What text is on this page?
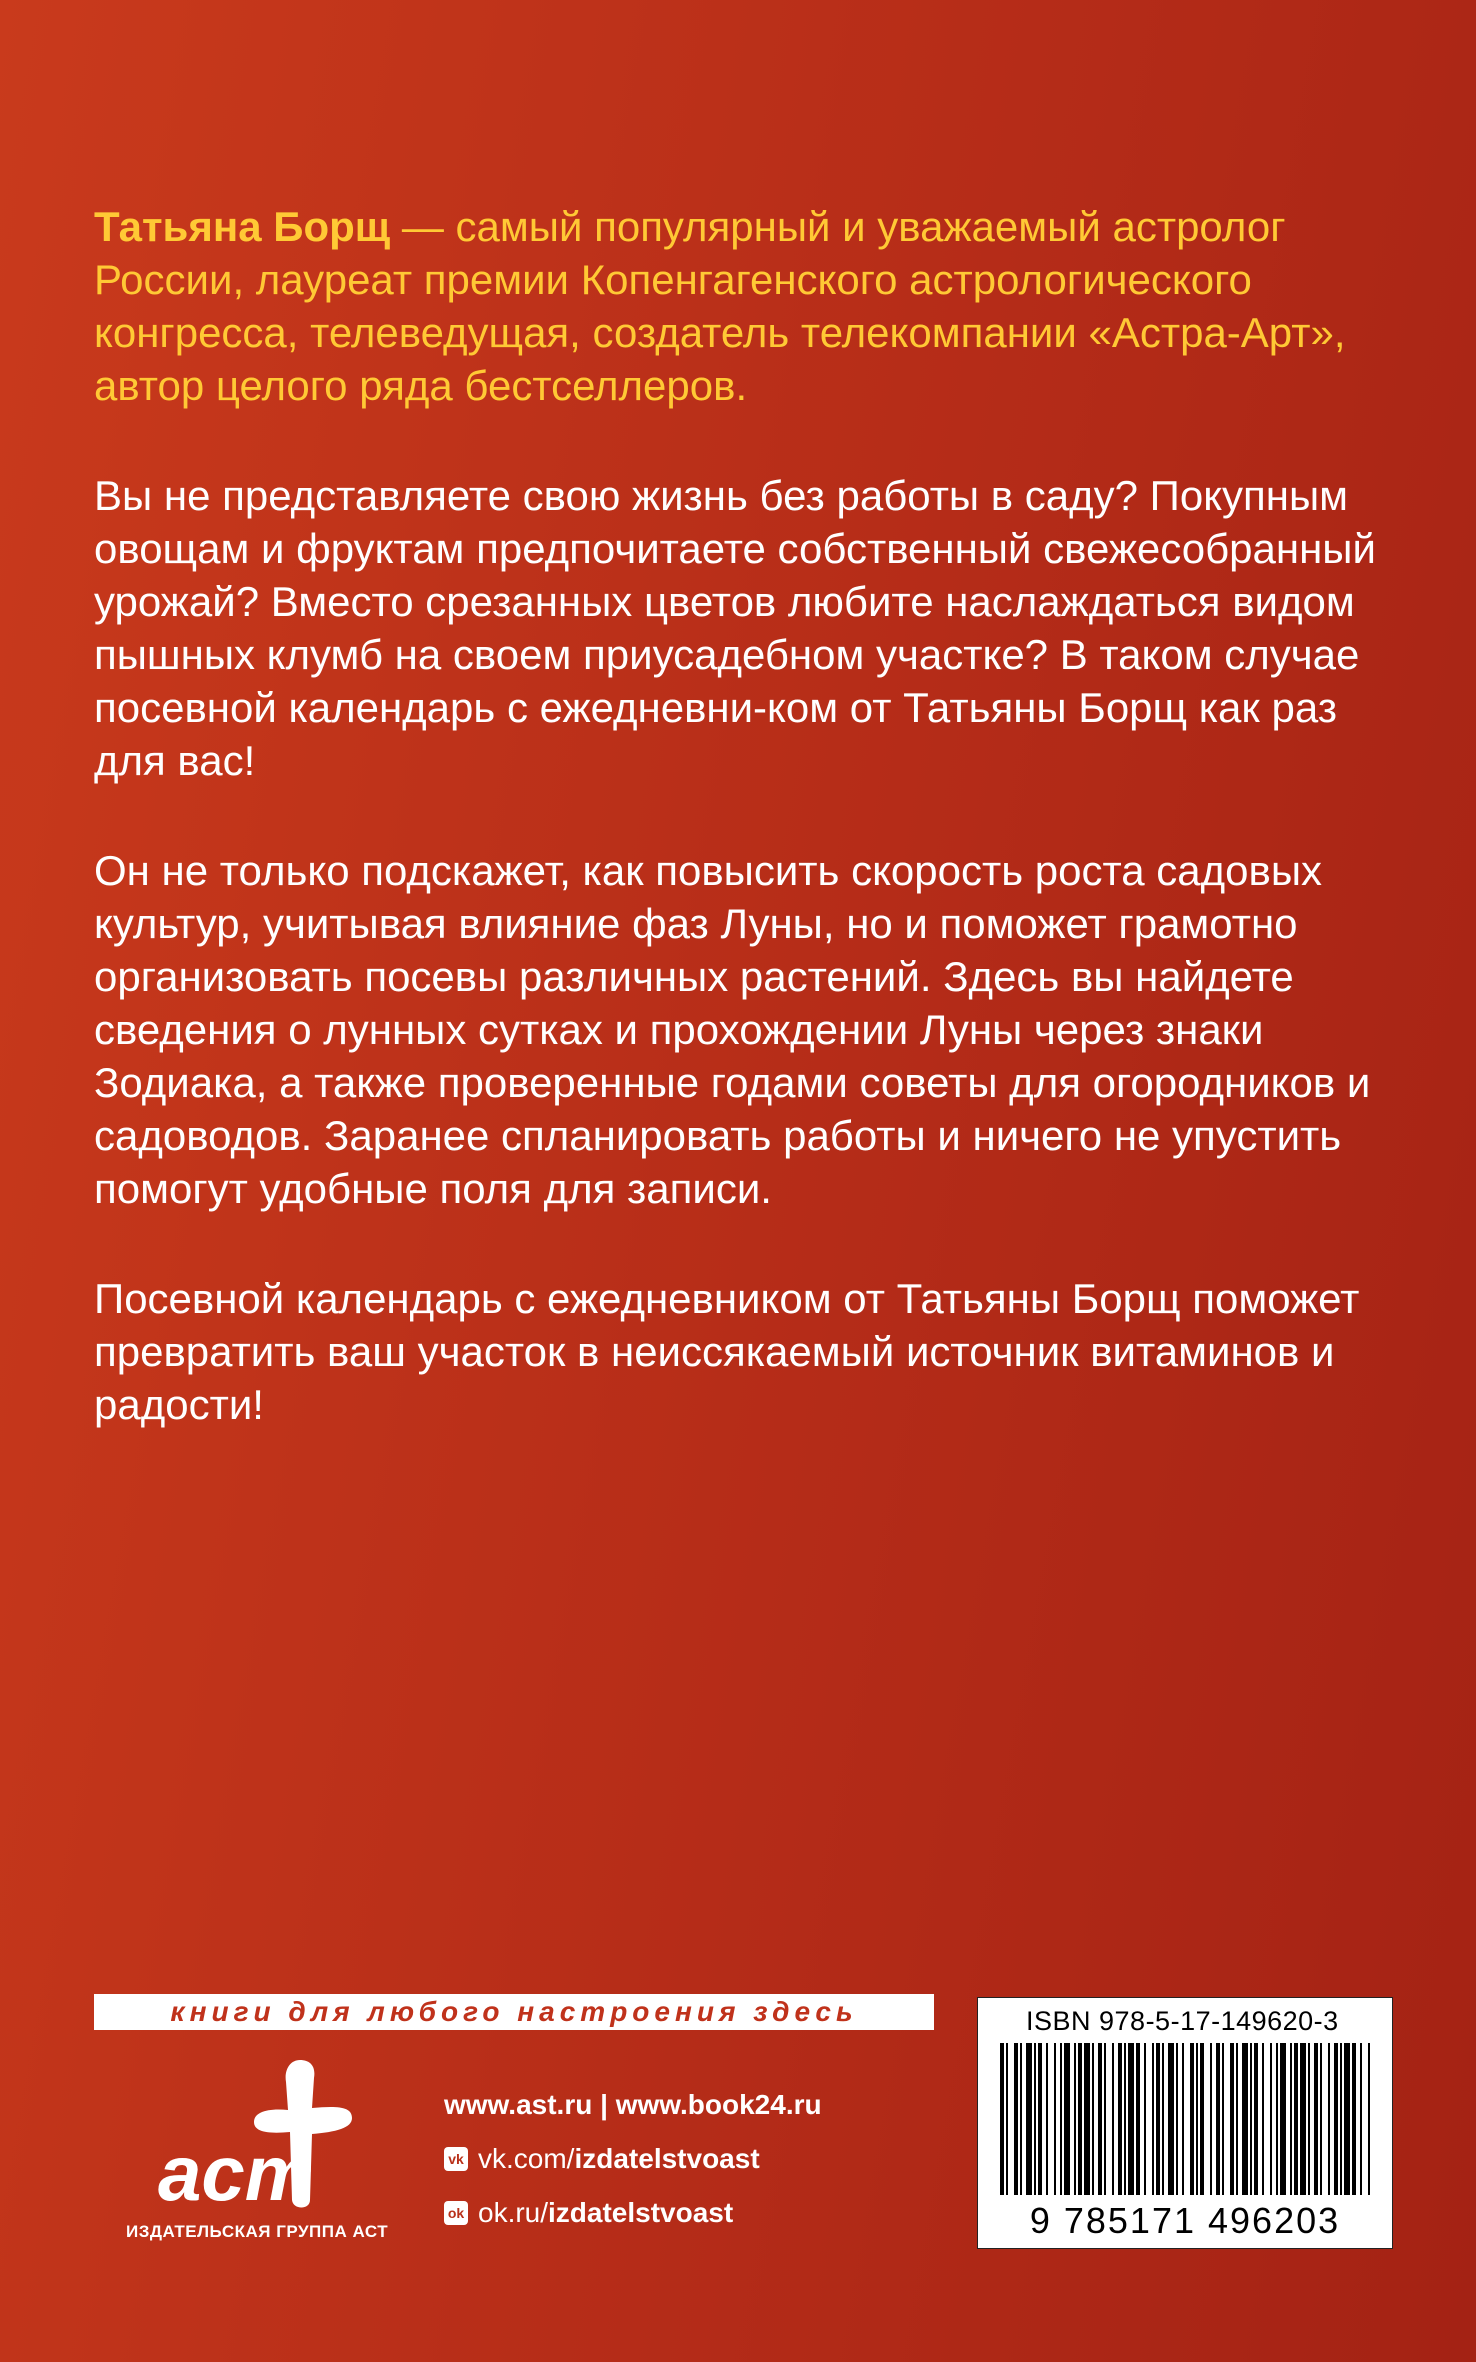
Татьяна Борщ — самый популярный и уважаемый астролог России, лауреат премии Копенгагенского астрологического конгресса, телеведущая, создатель телекомпании «Астра-Арт», автор целого ряда бестселлеров.

Вы не представляете свою жизнь без работы в саду? Покупным овощам и фруктам предпочитаете собственный свежесобранный урожай? Вместо срезанных цветов любите наслаждаться видом пышных клумб на своем приусадебном участке? В таком случае посевной календарь с ежедневни-ком от Татьяны Борщ как раз для вас!

Он не только подскажет, как повысить скорость роста садовых культур, учитывая влияние фаз Луны, но и поможет грамотно организовать посевы различных растений. Здесь вы найдете сведения о лунных сутках и прохождении Луны через знаки Зодиака, а также проверенные годами советы для огородников и садоводов. Заранее спланировать работы и ничего не упустить помогут удобные поля для записи.

Посевной календарь с ежедневником от Татьяны Борщ поможет превратить ваш участок в неиссякаемый источник витаминов и радости!

книги для любого настроения здесь
аст
ИЗДАТЕЛЬСКАЯ ГРУППА АСТ
www.ast.ru | www.book24.ru
vk vk.com/ izdatelstvoast
ok ok.ru/ izdatelstvoast
ISBN 978-5-17-149620-3
9 785171 496203
